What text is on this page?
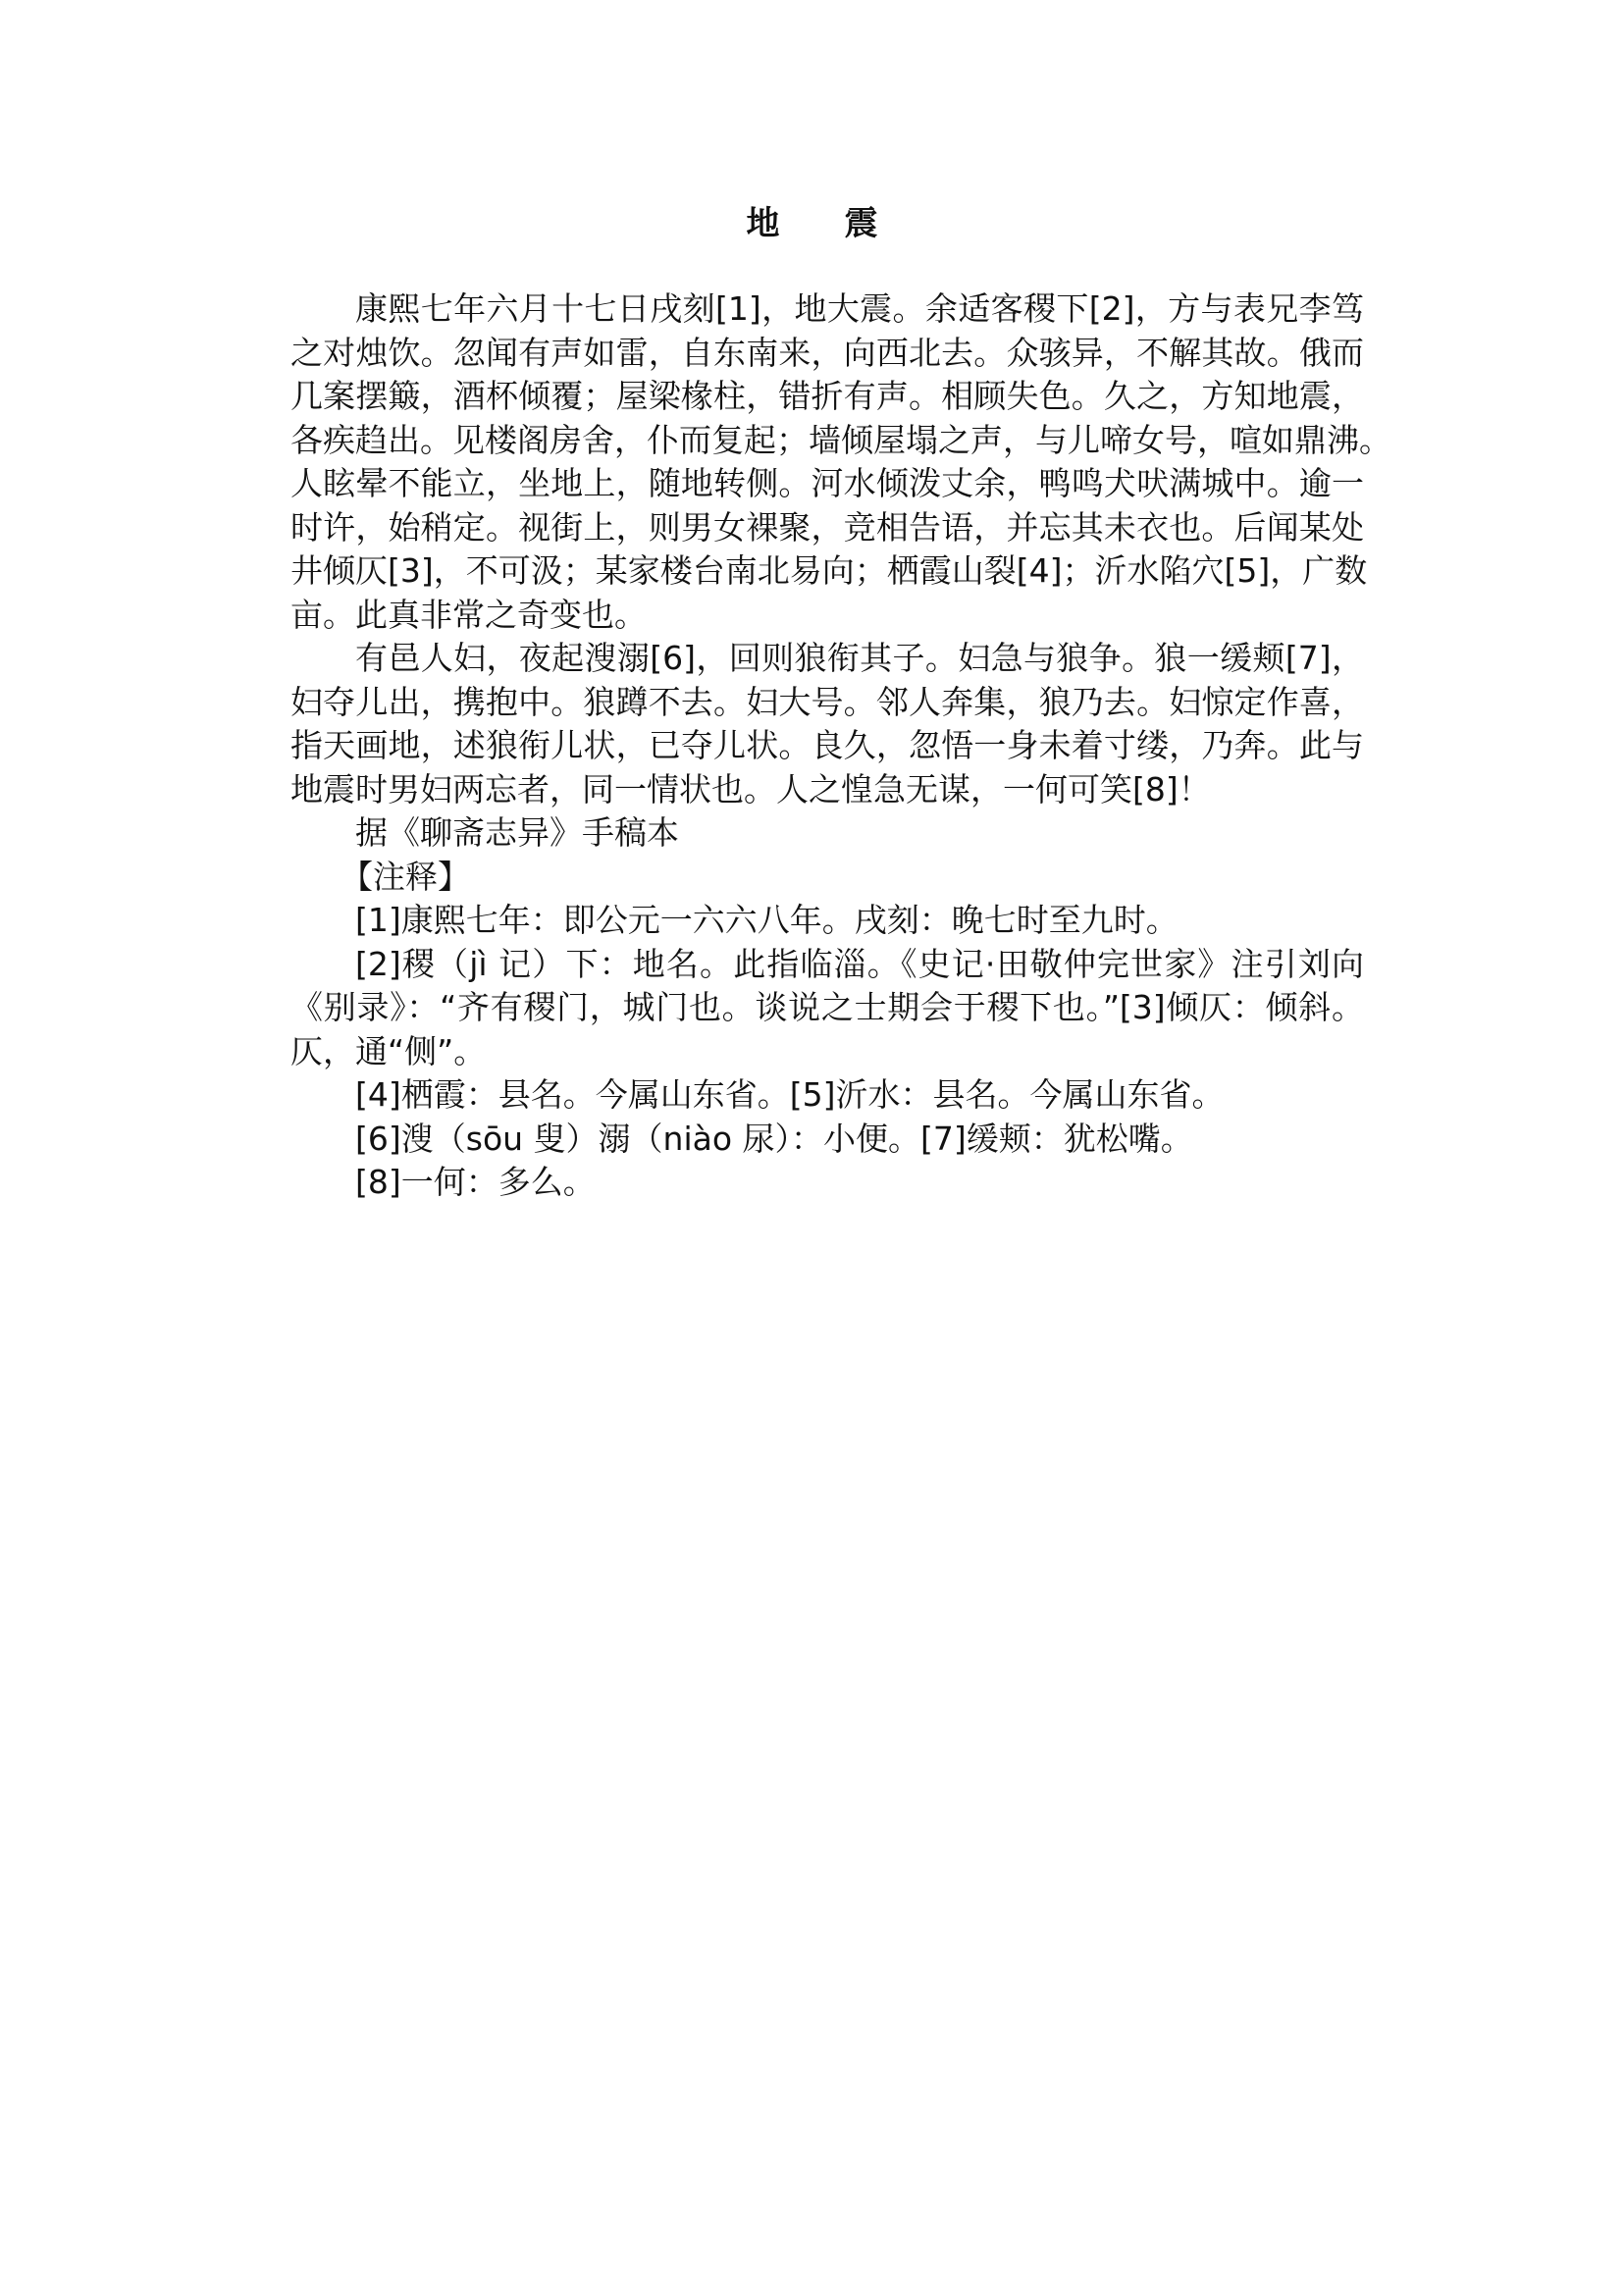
地 震
康熙七年六月十七日戌刻[1]，地大震。余适客稷下[2]，方与表兄李笃
之对烛饮。忽闻有声如雷，自东南来，向西北去。众骇异，不解其故。俄而
几案摆簸，酒杯倾覆；屋梁椽柱，错折有声。相顾失色。久之，方知地震，
各疾趋出。见楼阁房舍，仆而复起；墙倾屋塌之声，与儿啼女号，喧如鼎沸。
人眩晕不能立，坐地上，随地转侧。河水倾泼丈余，鸭鸣犬吠满城中。逾一
时许，始稍定。视街上，则男女裸聚，竞相告语，并忘其未衣也。后闻某处
井倾仄[3]，不可汲；某家楼台南北易向；栖霞山裂[4]；沂水陷穴[5]，广数
亩。此真非常之奇变也。
有邑人妇，夜起溲溺[6]，回则狼衔其子。妇急与狼争。狼一缓颊[7]，
妇夺儿出，携抱中。狼蹲不去。妇大号。邻人奔集，狼乃去。妇惊定作喜，
指天画地，述狼衔儿状，已夺儿状。良久，忽悟一身未着寸缕，乃奔。此与
地震时男妇两忘者，同一情状也。人之惶急无谋，一何可笑[8]！
据《聊斋志异》手稿本
【注释】
[1]康熙七年：即公元一六六八年。戌刻：晚七时至九时。
[2]稷（jì 记）下：地名。此指临淄。《史记·田敬仲完世家》注引刘向
《别录》：“齐有稷门，城门也。谈说之士期会于稷下也。”[3]倾仄：倾斜。
仄，通“侧”。
[4]栖霞：县名。今属山东省。[5]沂水：县名。今属山东省。
[6]溲（sōu 叟）溺（niào 尿）：小便。[7]缓颊：犹松嘴。
[8]一何：多么。
